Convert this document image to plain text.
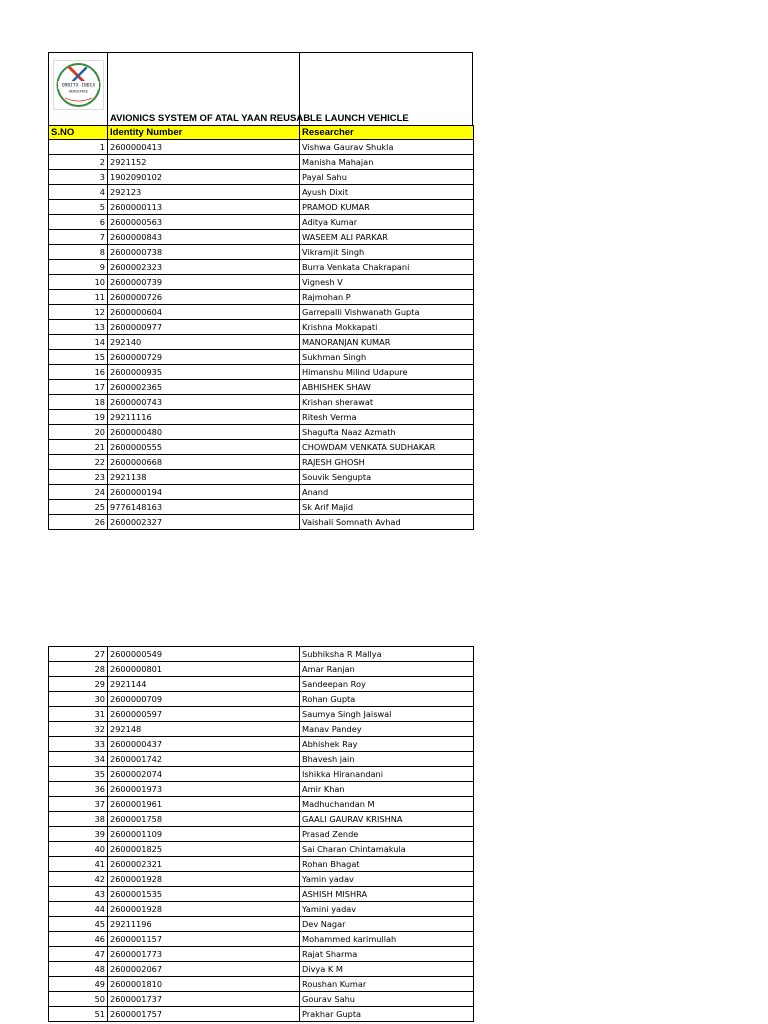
ORBITX INDIA
AEROSPACE
AVIONICS SYSTEM OF ATAL YAAN REUSABLE LAUNCH VEHICLE
S.NO	Identity Number	Researcher
1	2600000413	Vishwa Gaurav Shukla
2	2921152	Manisha Mahajan
3	1902090102	Payal Sahu
4	292123	Ayush Dixit
5	2600000113	PRAMOD KUMAR
6	2600000563	Aditya Kumar
7	2600000843	WASEEM ALI PARKAR
8	2600000738	Vikramjit Singh
9	2600002323	Burra Venkata Chakrapani
10	2600000739	Vignesh V
11	2600000726	Rajmohan P
12	2600000604	Garrepalli Vishwanath Gupta
13	2600000977	Krishna Mokkapati
14	292140	MANORANJAN KUMAR
15	2600000729	Sukhman Singh
16	2600000935	Himanshu Milind Udapure
17	2600002365	ABHISHEK SHAW
18	2600000743	Krishan sherawat
19	29211116	Ritesh Verma
20	2600000480	Shagufta Naaz Azmath
21	2600000555	CHOWDAM VENKATA SUDHAKAR
22	2600000668	RAJESH GHOSH
23	2921138	Souvik Sengupta
24	2600000194	Anand
25	9776148163	Sk Arif Majid
26	2600002327	Vaishali Somnath Avhad
27	2600000549	Subhiksha R Mallya
28	2600000801	Amar Ranjan
29	2921144	Sandeepan Roy
30	2600000709	Rohan Gupta
31	2600000597	Saumya Singh Jaiswal
32	292148	Manav Pandey
33	2600000437	Abhishek Ray
34	2600001742	Bhavesh jain
35	2600002074	Ishikka Hiranandani
36	2600001973	Amir Khan
37	2600001961	Madhuchandan M
38	2600001758	GAALI GAURAV KRISHNA
39	2600001109	Prasad Zende
40	2600001825	Sai Charan Chintamakula
41	2600002321	Rohan Bhagat
42	2600001928	Yamin yadav
43	2600001535	ASHISH MISHRA
44	2600001928	Yamini yadav
45	29211196	Dev Nagar
46	2600001157	Mohammed karimullah
47	2600001773	Rajat Sharma
48	2600002067	Divya K M
49	2600001810	Roushan Kumar
50	2600001737	Gourav Sahu
51	2600001757	Prakhar Gupta
